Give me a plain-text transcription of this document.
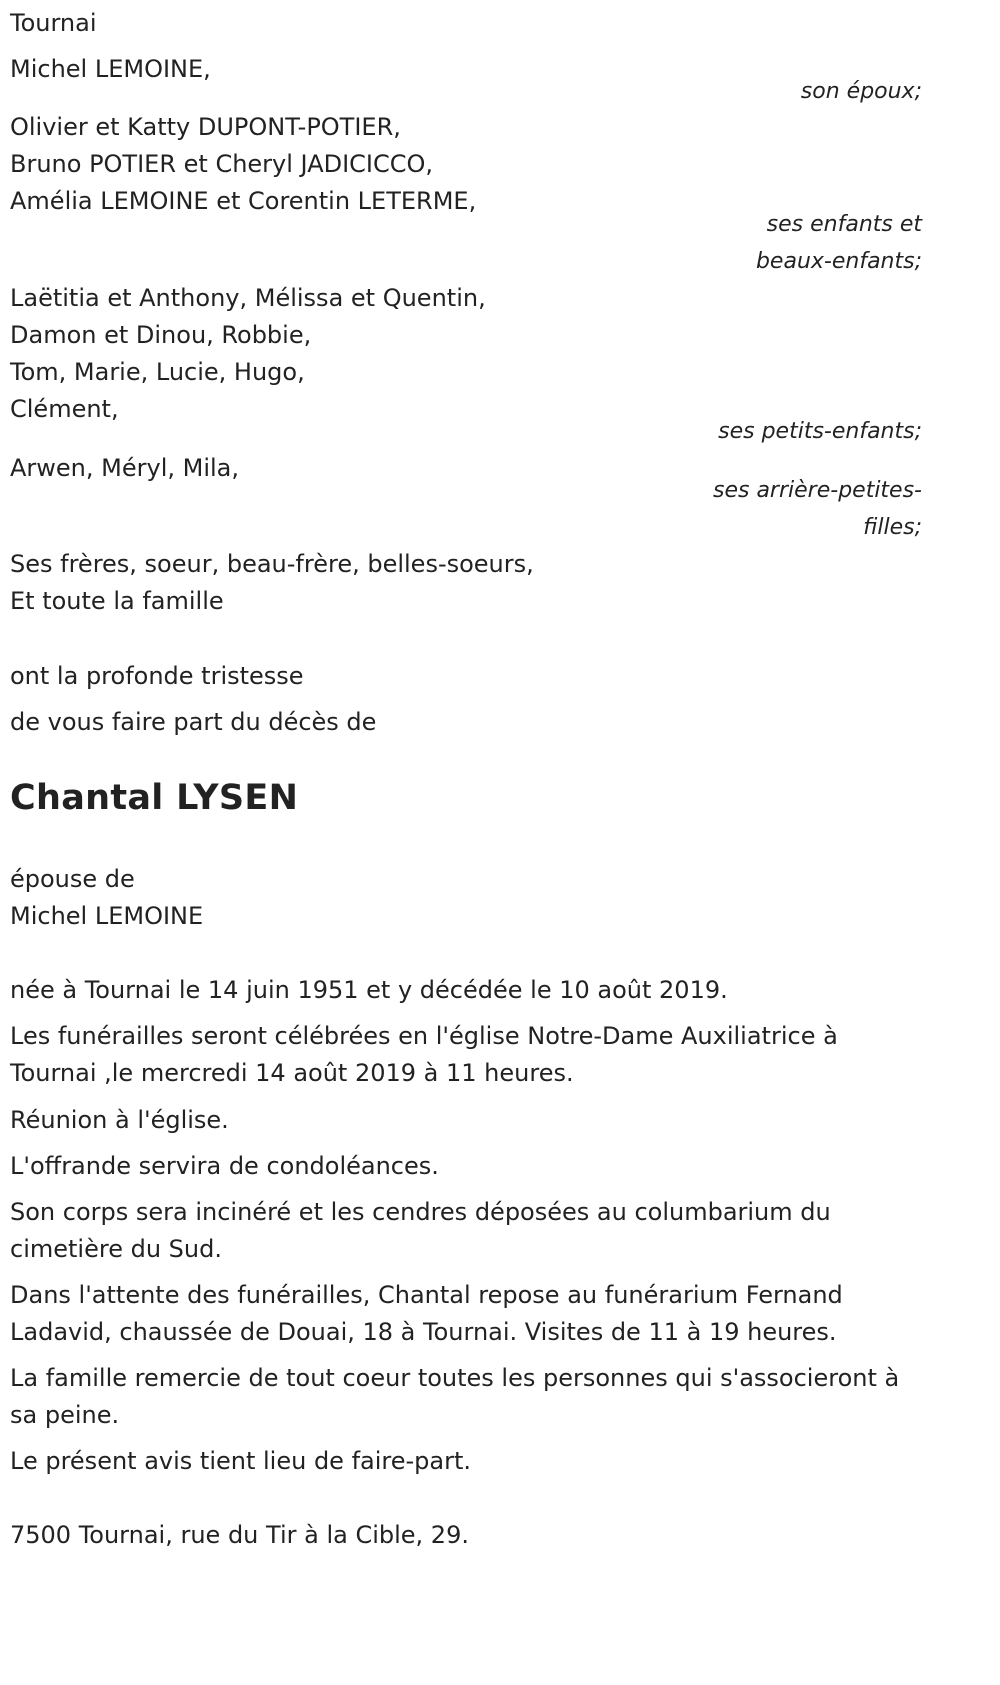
Tournai

Michel LEMOINE,

son époux;

Olivier et Katty DUPONT-POTIER,

Bruno POTIER et Cheryl JADICICCO,

Amélia LEMOINE et Corentin LETERME,

ses enfants et

beaux-enfants;

Laëtitia et Anthony, Mélissa et Quentin,

Damon et Dinou, Robbie,

Tom, Marie, Lucie, Hugo,

Clément,

ses petits-enfants;

Arwen, Méryl, Mila,

ses arrière-petites-

filles;

Ses frères, soeur, beau-frère, belles-soeurs,

Et toute la famille

ont la profonde tristesse

de vous faire part du décès de

Chantal LYSEN

épouse de

Michel LEMOINE

née à Tournai le 14 juin 1951 et y décédée le 10 août 2019.

Les funérailles seront célébrées en l'église Notre-Dame Auxiliatrice à Tournai ,le mercredi 14 août 2019 à 11 heures.

Réunion à l'église.

L'offrande servira de condoléances.

Son corps sera incinéré et les cendres déposées au columbarium du cimetière du Sud.

Dans l'attente des funérailles, Chantal repose au funérarium Fernand Ladavid, chaussée de Douai, 18 à Tournai. Visites de 11 à 19 heures.

La famille remercie de tout coeur toutes les personnes qui s'associeront à sa peine.

Le présent avis tient lieu de faire-part.

7500 Tournai, rue du Tir à la Cible, 29.
